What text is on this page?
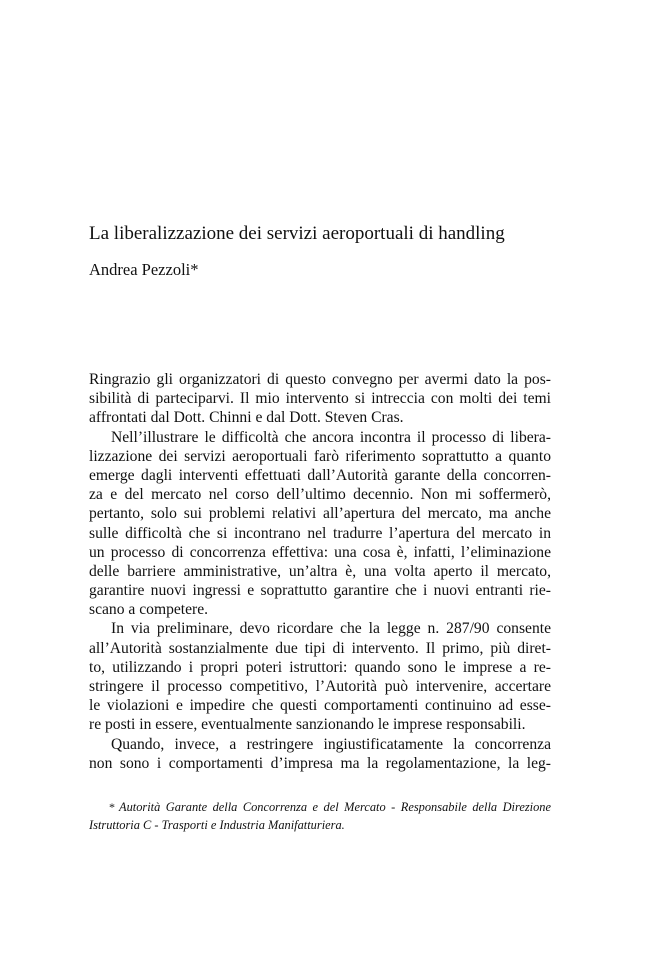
La liberalizzazione dei servizi aeroportuali di handling

Andrea Pezzoli*

Ringrazio gli organizzatori di questo convegno per avermi dato la pos-
sibilità di parteciparvi. Il mio intervento si intreccia con molti dei temi
affrontati dal Dott. Chinni e dal Dott. Steven Cras.
Nell’illustrare le difficoltà che ancora incontra il processo di libera-
lizzazione dei servizi aeroportuali farò riferimento soprattutto a quanto
emerge dagli interventi effettuati dall’Autorità garante della concorren-
za e del mercato nel corso dell’ultimo decennio. Non mi soffermerò,
pertanto, solo sui problemi relativi all’apertura del mercato, ma anche
sulle difficoltà che si incontrano nel tradurre l’apertura del mercato in
un processo di concorrenza effettiva: una cosa è, infatti, l’eliminazione
delle barriere amministrative, un’altra è, una volta aperto il mercato,
garantire nuovi ingressi e soprattutto garantire che i nuovi entranti rie-
scano a competere.
In via preliminare, devo ricordare che la legge n. 287/90 consente
all’Autorità sostanzialmente due tipi di intervento. Il primo, più diret-
to, utilizzando i propri poteri istruttori: quando sono le imprese a re-
stringere il processo competitivo, l’Autorità può intervenire, accertare
le violazioni e impedire che questi comportamenti continuino ad esse-
re posti in essere, eventualmente sanzionando le imprese responsabili.
Quando, invece, a restringere ingiustificatamente la concorrenza
non sono i comportamenti d’impresa ma la regolamentazione, la leg-
* Autorità Garante della Concorrenza e del Mercato - Responsabile della Direzione
Istruttoria C - Trasporti e Industria Manifatturiera.
